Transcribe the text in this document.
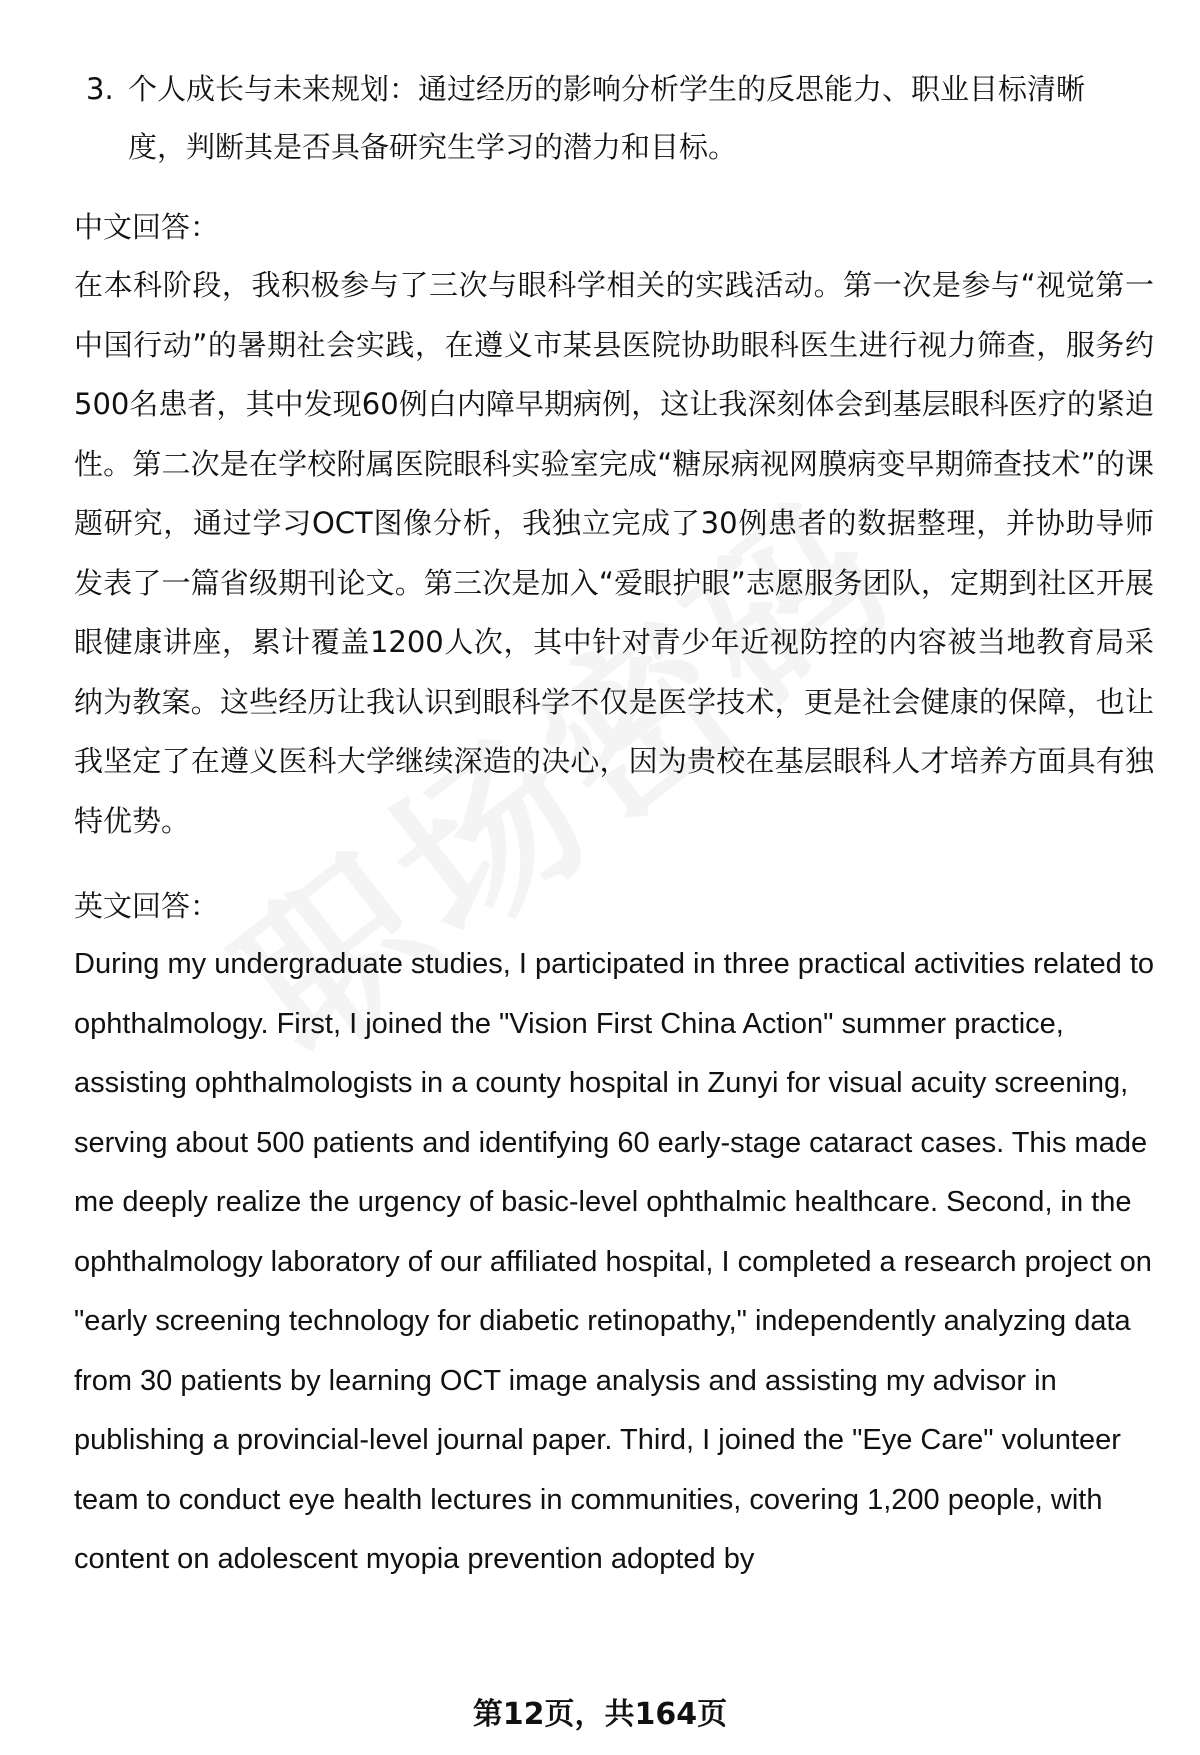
3. 个人成长与未来规划：通过经历的影响分析学生的反思能力、职业目标清晰度，判断其是否具备研究生学习的潜力和目标。
中文回答：
在本科阶段，我积极参与了三次与眼科学相关的实践活动。第一次是参与“视觉第一中国行动”的暑期社会实践，在遵义市某县医院协助眼科医生进行视力筛查，服务约500名患者，其中发现60例白内障早期病例，这让我深刻体会到基层眼科医疗的紧迫性。第二次是在学校附属医院眼科实验室完成“糖尿病视网膜病变早期筛查技术”的课题研究，通过学习OCT图像分析，我独立完成了30例患者的数据整理，并协助导师发表了一篇省级期刊论文。第三次是加入“爱眼护眼”志愿服务团队，定期到社区开展眼健康讲座，累计覆盖1200人次，其中针对青少年近视防控的内容被当地教育局采纳为教案。这些经历让我认识到眼科学不仅是医学技术，更是社会健康的保障，也让我坚定了在遵义医科大学继续深造的决心，因为贵校在基层眼科人才培养方面具有独特优势。
英文回答：
During my undergraduate studies, I participated in three practical activities related to ophthalmology. First, I joined the "Vision First China Action" summer practice, assisting ophthalmologists in a county hospital in Zunyi for visual acuity screening, serving about 500 patients and identifying 60 early-stage cataract cases. This made me deeply realize the urgency of basic-level ophthalmic healthcare. Second, in the ophthalmology laboratory of our affiliated hospital, I completed a research project on "early screening technology for diabetic retinopathy," independently analyzing data from 30 patients by learning OCT image analysis and assisting my advisor in publishing a provincial-level journal paper. Third, I joined the "Eye Care" volunteer team to conduct eye health lectures in communities, covering 1,200 people, with content on adolescent myopia prevention adopted by
第12页，共164页
